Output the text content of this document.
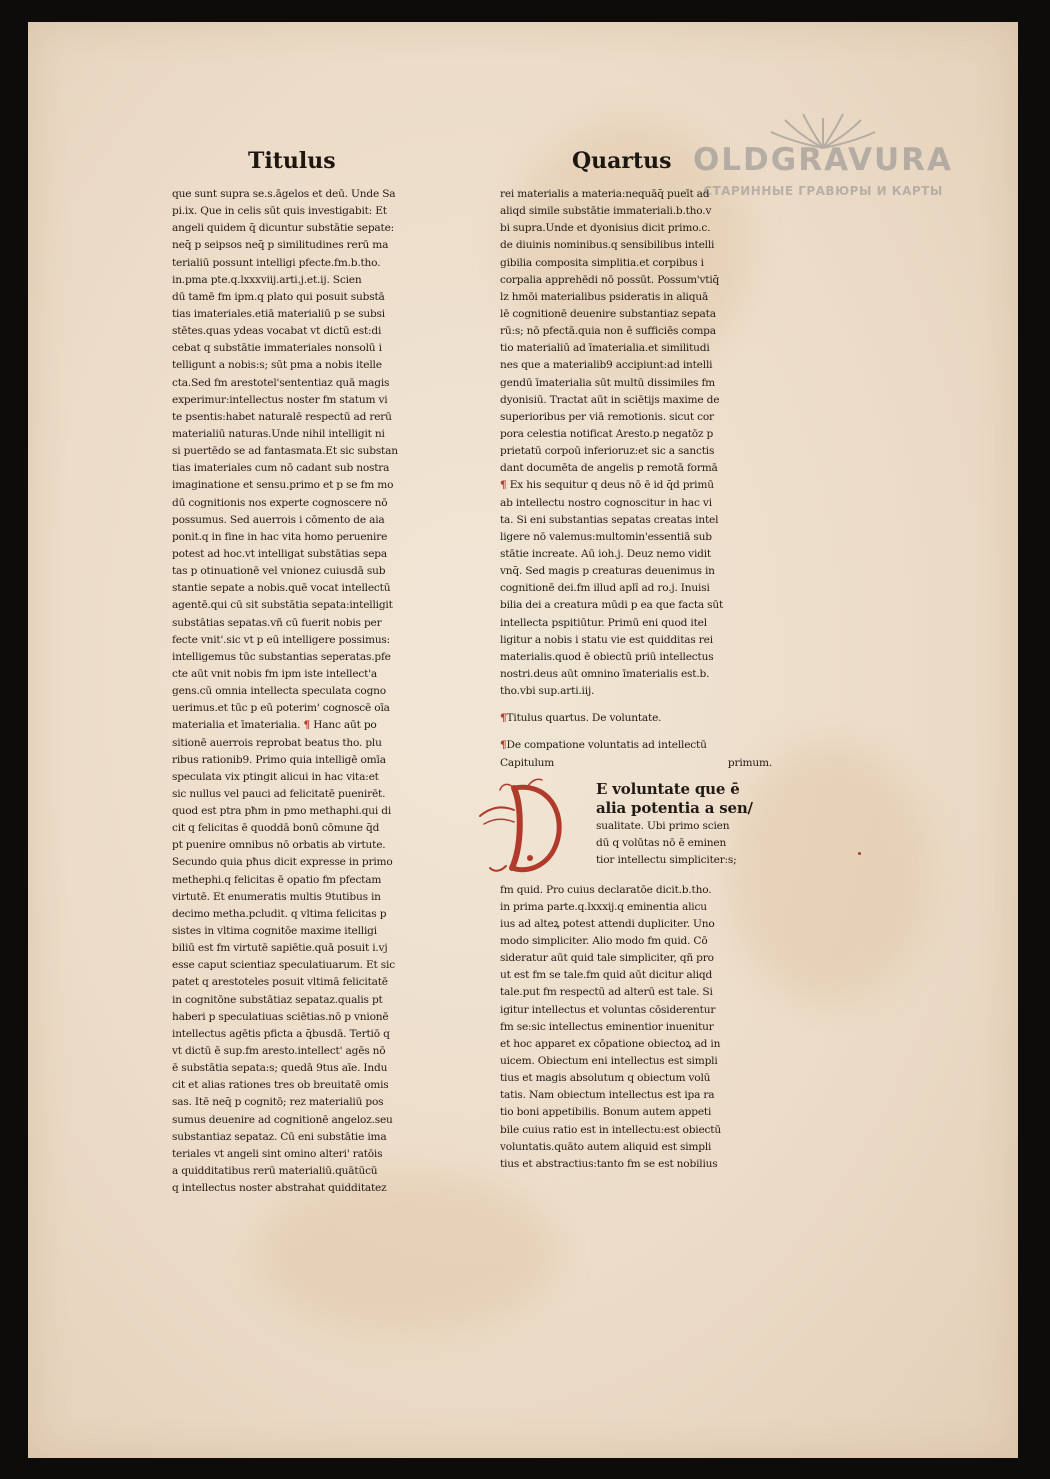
OLDGRAVURA
СТАРИННЫЕ ГРАВЮРЫ И КАРТЫ
Titulus	Quartus
que sunt supra se.s.āgelos et deū. Unde Sa
pi.ix. Que in celis sūt quis investigabit: Et
angeli quidem q̄ dicuntur substātie sepate:
neq̄ p seipsos neq̄ p similitudines rerū ma
terialiū possunt intelligi pfecte.fm.b.tho.
in.pma pte.q.lxxxviij.arti.j.et.ij. Scien
dū tamē fm ipm.q plato qui posuit substā
tias imateriales.etiā materialiū p se subsi
stētes.quas ydeas vocabat vt dictū est:di
cebat q substātie immateriales nonsolū i
telligunt a nobis:s; sūt pma a nobis itelle
cta.Sed fm arestotel'sententiaz quā magis
experimur:intellectus noster fm statum vi
te psentis:habet naturalē respectū ad rerū
materialiū naturas.Unde nihil intelligit ni
si puertēdo se ad fantasmata.Et sic substan
tias imateriales cum nō cadant sub nostra
imaginatione et sensu.primo et p se fm mo
dū cognitionis nos experte cognoscere nō
possumus. Sed auerrois i cōmento de aia
ponit.q in fine in hac vita homo peruenire
potest ad hoc.vt intelligat substātias sepa
tas p otinuationē vel vnionez cuiusdā sub
stantie sepate a nobis.quē vocat intellectū
agentē.qui cū sit substātia sepata:intelligit
substātias sepatas.vñ cū fuerit nobis per
fecte vnit'.sic vt p eū intelligere possimus:
intelligemus tūc substantias seperatas.pfe
cte aūt vnit nobis fm ipm iste intellect'a
gens.cū omnia intellecta speculata cogno
uerimus.et tūc p eū poterim' cognoscē oīa
materialia et īmaterialia. ¶ Hanc aūt po
sitionē auerrois reprobat beatus tho. plu
ribus rationib9. Primo quia intelligē omīa
speculata vix ptingit alicui in hac vita:et
sic nullus vel pauci ad felicitatē puenirēt.
quod est ptra pħm in pmo methaphi.qui di
cit q felicitas ē quoddā bonū cōmune q̄d
pt puenire omnibus nō orbatis ab virtute.
Secundo quia pħus dicit expresse in primo
methephi.q felicitas ē opatio fm pfectam
virtutē. Et enumeratis multis 9tutibus in
decimo metha.pcludit. q vltima felicitas p
sistes in vltima cognitōe maxime itelligi
biliū est fm virtutē sapiētie.quā posuit i.vj
esse caput scientiaz speculatiuarum. Et sic
patet q arestoteles posuit vltimā felicitatē
in cognitōne substātiaz sepataz.qualis pt
haberi p speculatiuas sciētias.nō p vnionē
intellectus agētis pficta a q̄busdā. Tertiō q
vt dictū ē sup.fm aresto.intellect' agēs nō
ē substātia sepata:s; quedā 9tus aīe. Indu
cit et alias rationes tres ob breuitatē omis
sas. Itē neq̄ p cognitō; rez materialiū pos
sumus deuenire ad cognitionē angeloz.seu
substantiaz sepataz. Cū eni substātie ima
teriales vt angeli sint omino alteri' ratōis
a quidditatibus rerū materialiū.quātūcū
q intellectus noster abstrahat quidditatez
rei materialis a materia:nequāq̄ pueīt ad
aliqd simile substātie immateriali.b.tho.v
bi supra.Unde et dyonisius dicit primo.c.
de diuinis nominibus.q sensibilibus intelli
gibilia composita simplitia.et corpibus i
corpalia apprehēdi nō possūt. Possum'vtiq̄
lz hmōi materialibus psideratis in aliquā
lē cognitionē deuenire substantiaz sepata
rū:s; nō pfectā.quia non ē sufficiēs compa
tio materialiū ad īmaterialia.et similitudi
nes que a materialib9 accipiunt:ad intelli
gendū īmaterialia sūt multū dissimiles fm
dyonisiū. Tractat aūt in sciētijs maxime de
superioribus per viā remotionis. sicut cor
pora celestia notificat Aresto.p negatōz p
prietatū corpoū inferioruz:et sic a sanctis
dant documēta de angelis p remotā formā
¶ Ex his sequitur q deus nō ē id q̄d primū
ab intellectu nostro cognoscitur in hac vi
ta. Si eni substantias sepatas creatas intel
ligere nō valemus:multomin'essentiā sub
stātie increate. Aū ioh.j. Deuz nemo vidit
vnq̄. Sed magis p creaturas deuenimus in
cognitionē dei.fm illud aplī ad ro.j. Inuisi
bilia dei a creatura mūdi p ea que facta sūt
intellecta pspitiūtur. Primū eni quod itel
ligitur a nobis i statu vie est quidditas rei
materialis.quod ē obiectū priū intellectus
nostri.deus aūt omnino īmaterialis est.b.
tho.vbi sup.arti.iij.
¶Titulus quartus. De voluntate.
¶De compatione voluntatis ad intellectū
Capitulum	primum.
E voluntate que ē
alia potentia a sen/
sualitate. Ubi primo scien
dū q volūtas nō ē eminen
tior intellectu simpliciter:s;
fm quid. Pro cuius declaratōe dicit.b.tho.
in prima parte.q.lxxxij.q eminentia alicu
ius ad alteꝝ potest attendi dupliciter. Uno
modo simpliciter. Alio modo fm quid. Cō
sideratur aūt quid tale simpliciter, qñ pro
ut est fm se tale.fm quid aūt dicitur aliqd
tale.put fm respectū ad alterū est tale. Si
igitur intellectus et voluntas cōsiderentur
fm se:sic intellectus eminentior inuenitur
et hoc apparet ex cōpatione obiectoꝝ ad in
uicem. Obiectum eni intellectus est simpli
tius et magis absolutum q obiectum volū
tatis. Nam obiectum intellectus est ipa ra
tio boni appetibilis. Bonum autem appeti
bile cuius ratio est in intellectu:est obiectū
voluntatis.quāto autem aliquid est simpli
tius et abstractius:tanto fm se est nobilius
